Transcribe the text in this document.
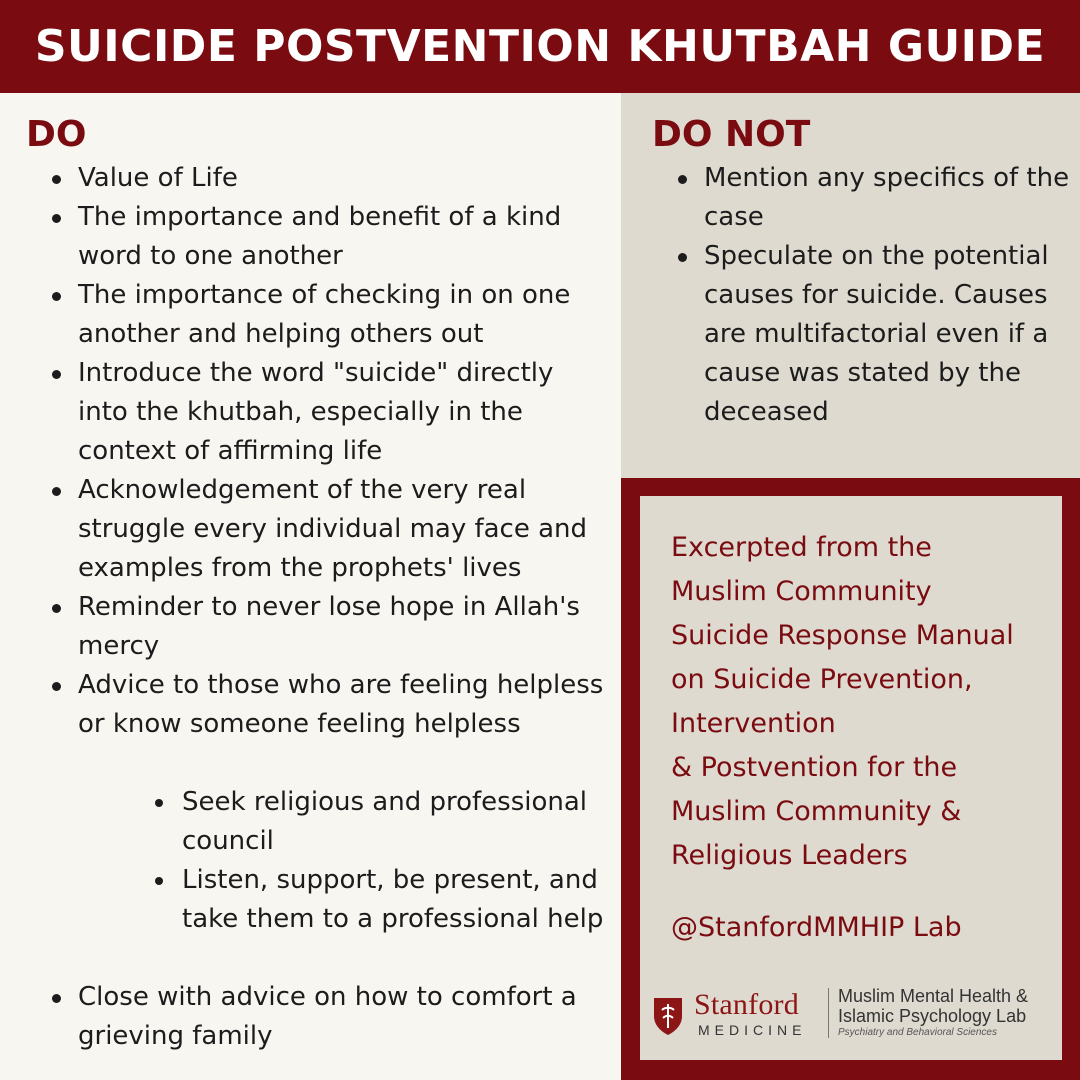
SUICIDE POSTVENTION KHUTBAH GUIDE
DO
Value of Life
The importance and benefit of a kind word to one another
The importance of checking in on one another and helping others out
Introduce the word "suicide" directly into the khutbah, especially in the context of affirming life
Acknowledgement of the very real struggle every individual may face and examples from the prophets' lives
Reminder to never lose hope in Allah's mercy
Advice to those who are feeling helpless or know someone feeling helpless
Seek religious and professional council
Listen, support, be present, and take them to a professional help
Close with advice on how to comfort a grieving family
DO NOT
Mention any specifics of the case
Speculate on the potential causes for suicide. Causes are multifactorial even if a cause was stated by the deceased
Excerpted from the
Muslim Community
Suicide Response Manual
on Suicide Prevention,
Intervention
& Postvention for the
Muslim Community &
Religious Leaders
@StanfordMMHIP Lab
Stanford
MEDICINE
Muslim Mental Health &
Islamic Psychology Lab
Psychiatry and Behavioral Sciences
